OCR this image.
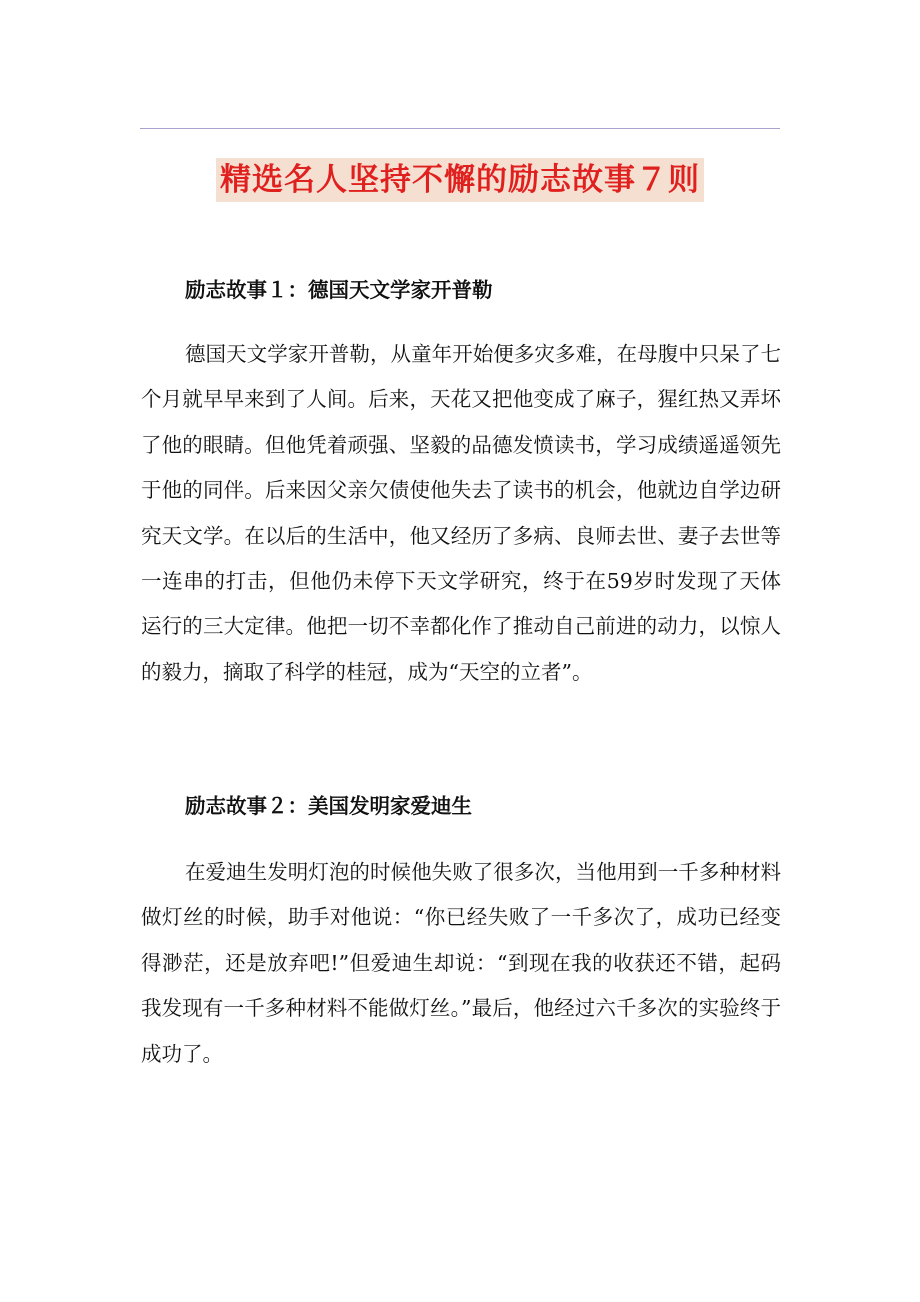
精选名人坚持不懈的励志故事７则
励志故事１：德国天文学家开普勒

德国天文学家开普勒，从童年开始便多灾多难，在母腹中只呆了七个月就早早来到了人间。后来，天花又把他变成了麻子，猩红热又弄坏了他的眼睛。但他凭着顽强、坚毅的品德发愤读书，学习成绩遥遥领先于他的同伴。后来因父亲欠债使他失去了读书的机会，他就边自学边研究天文学。在以后的生活中，他又经历了多病、良师去世、妻子去世等一连串的打击，但他仍未停下天文学研究，终于在59岁时发现了天体运行的三大定律。他把一切不幸都化作了推动自己前进的动力，以惊人的毅力，摘取了科学的桂冠，成为“天空的立者”。

励志故事２：美国发明家爱迪生

在爱迪生发明灯泡的时候他失败了很多次，当他用到一千多种材料做灯丝的时候，助手对他说：“你已经失败了一千多次了，成功已经变得渺茫，还是放弃吧!”但爱迪生却说：“到现在我的收获还不错，起码我发现有一千多种材料不能做灯丝。”最后，他经过六千多次的实验终于成功了。
